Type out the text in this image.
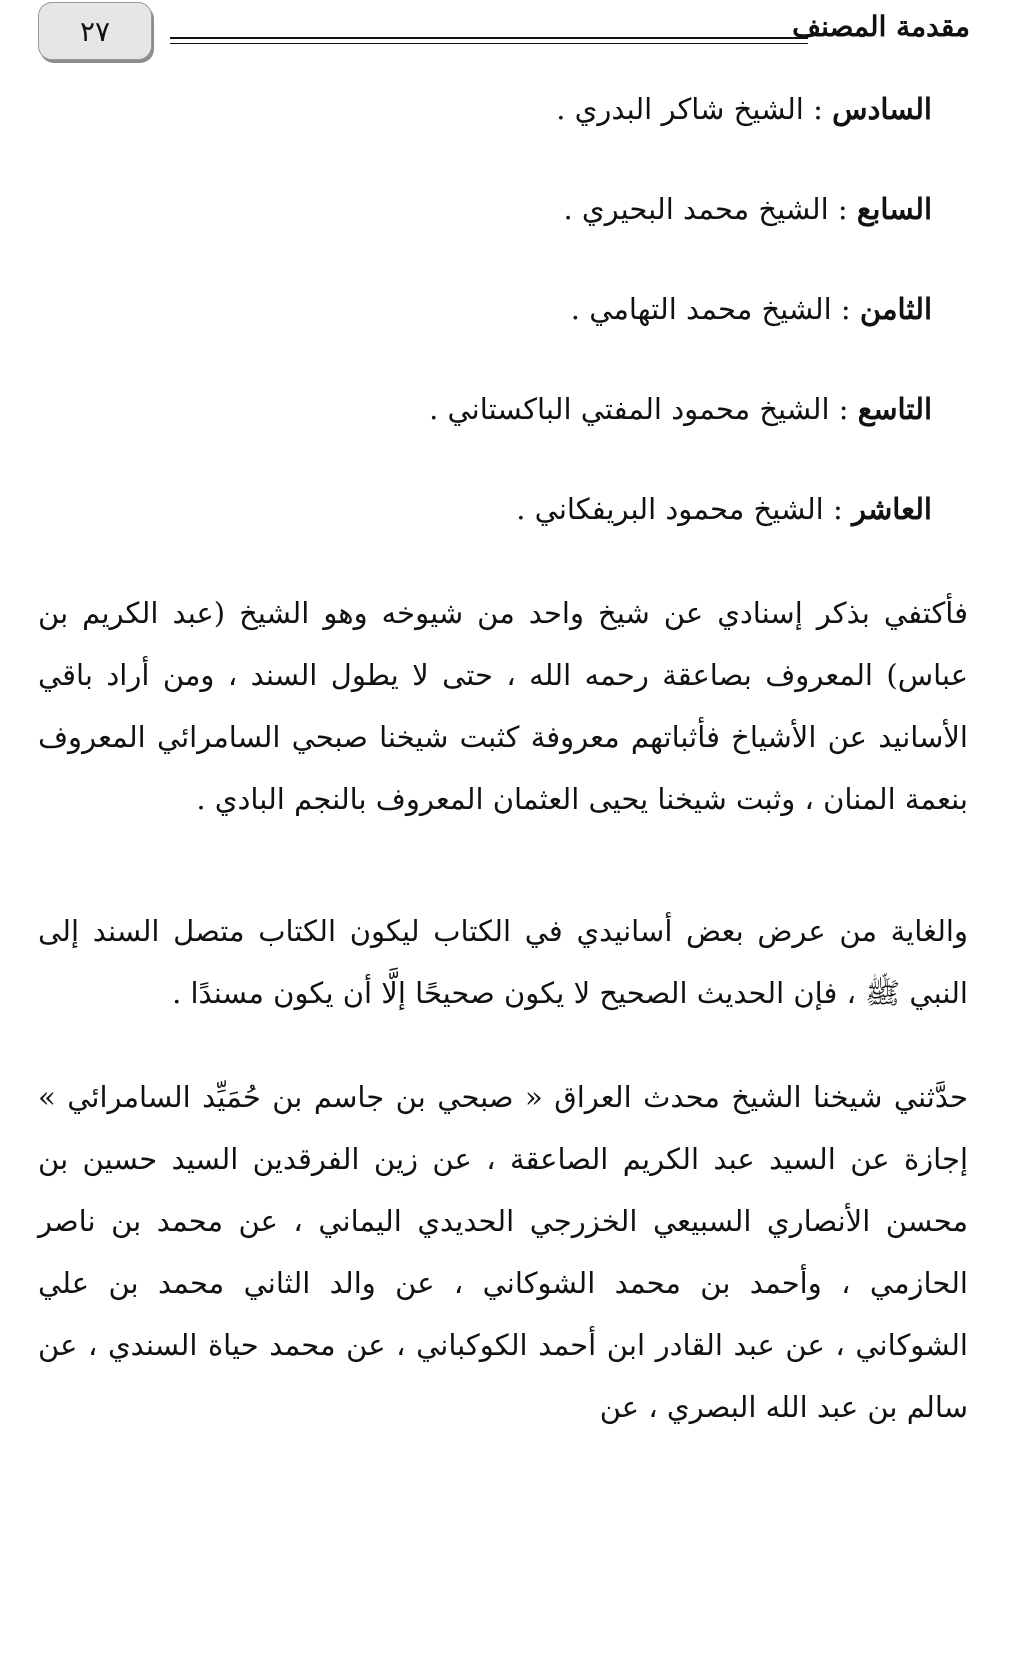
٢٧	مقدمة المصنف
السادس : الشيخ شاكر البدري .
السابع : الشيخ محمد البحيري .
الثامن : الشيخ محمد التهامي .
التاسع : الشيخ محمود المفتي الباكستاني .
العاشر : الشيخ محمود البريفكاني .

فأكتفي بذكر إسنادي عن شيخ واحد من شيوخه وهو الشيخ (عبد الكريم بن عباس) المعروف بصاعقة رحمه الله ، حتى لا يطول السند ، ومن أراد باقي الأسانيد عن الأشياخ فأثباتهم معروفة كثبت شيخنا صبحي السامرائي المعروف بنعمة المنان ، وثبت شيخنا يحيى العثمان المعروف بالنجم البادي .

والغاية من عرض بعض أسانيدي في الكتاب ليكون الكتاب متصل السند إلى النبي ﷺ ، فإن الحديث الصحيح لا يكون صحيحًا إلَّا أن يكون مسندًا .

حدَّثني شيخنا الشيخ محدث العراق « صبحي بن جاسم بن حُمَيِّد السامرائي » إجازة عن السيد عبد الكريم الصاعقة ، عن زين الفرقدين السيد حسين بن محسن الأنصاري السبيعي الخزرجي الحديدي اليماني ، عن محمد بن ناصر الحازمي ، وأحمد بن محمد الشوكاني ، عن والد الثاني محمد بن علي الشوكاني ، عن عبد القادر ابن أحمد الكوكباني ، عن محمد حياة السندي ، عن سالم بن عبد الله البصري ، عن
